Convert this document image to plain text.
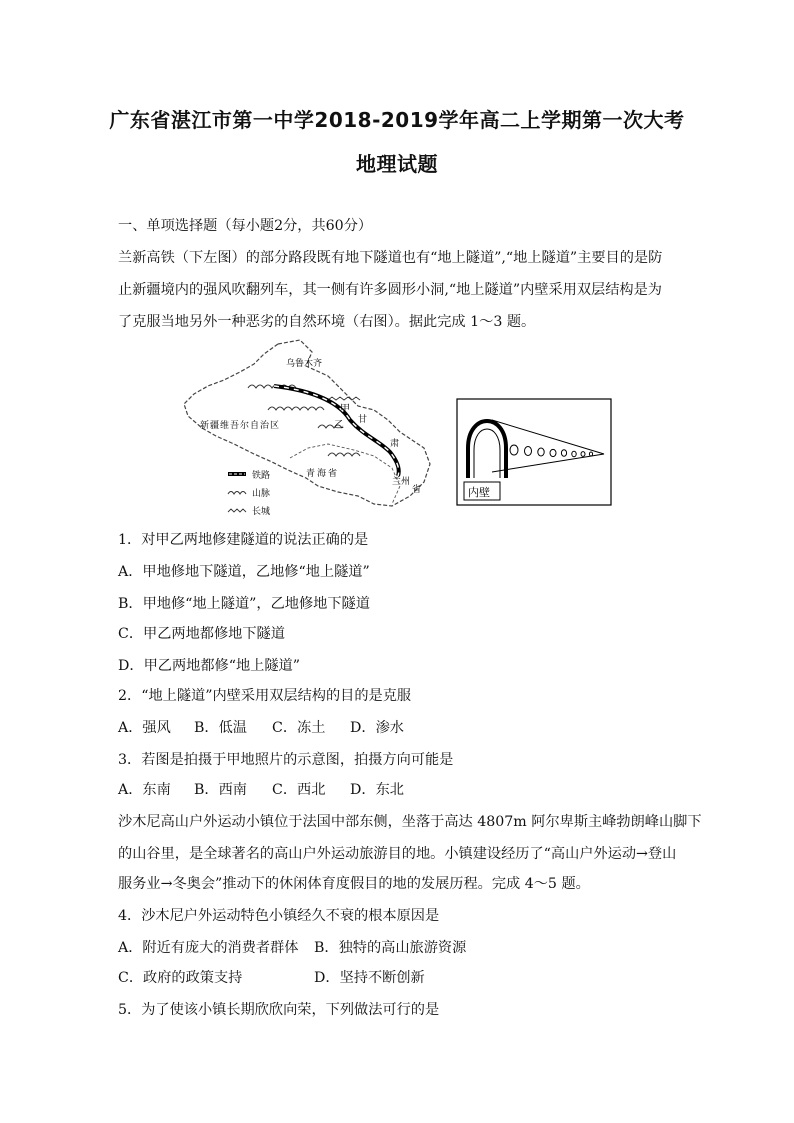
广东省湛江市第一中学2018-2019学年高二上学期第一次大考
地理试题
一、单项选择题（每小题2分，共60分）
兰新高铁（下左图）的部分路段既有地下隧道也有“地上隧道”,“地上隧道”主要目的是防
止新疆境内的强风吹翻列车，其一侧有许多圆形小洞,“地上隧道”内壁采用双层结构是为
了克服当地另外一种恶劣的自然环境（右图）。据此完成 1～3 题。
乌鲁木齐
新疆维吾尔自治区
甲
乙 甘
肃
青海省
兰州
省
铁路
山脉
长城
内壁
1．对甲乙两地修建隧道的说法正确的是
A．甲地修地下隧道，乙地修“地上隧道”
B．甲地修“地上隧道”，乙地修地下隧道
C．甲乙两地都修地下隧道
D．甲乙两地都修“地上隧道”
2．“地上隧道”内壁采用双层结构的目的是克服
A．强风 B．低温 C．冻土 D．渗水
3．若图是拍摄于甲地照片的示意图，拍摄方向可能是
A．东南 B．西南 C．西北 D．东北
沙木尼高山户外运动小镇位于法国中部东侧，坐落于高达 4807m 阿尔卑斯主峰勃朗峰山脚下
的山谷里，是全球著名的高山户外运动旅游目的地。小镇建设经历了“高山户外运动→登山
服务业→冬奥会”推动下的休闲体育度假目的地的发展历程。完成 4～5 题。
4．沙木尼户外运动特色小镇经久不衰的根本原因是
A．附近有庞大的消费者群体 B．独特的高山旅游资源
C．政府的政策支持	D．坚持不断创新
5．为了使该小镇长期欣欣向荣，下列做法可行的是
